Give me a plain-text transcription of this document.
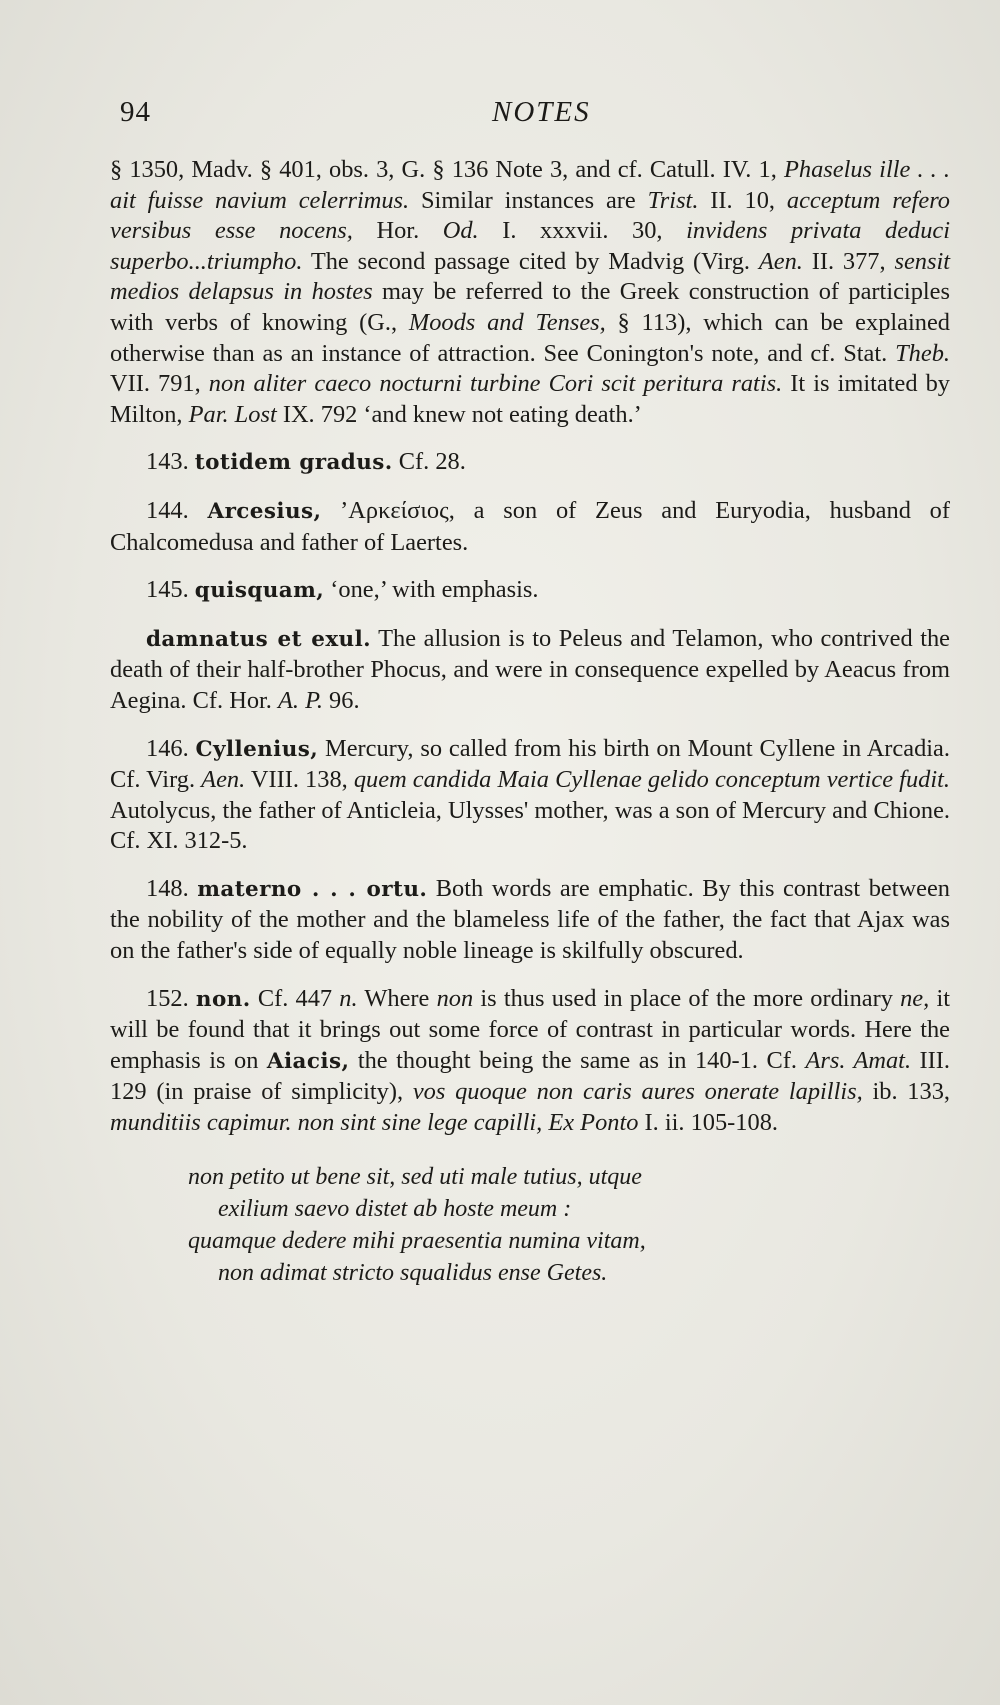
94	NOTES

§ 1350, Madv. § 401, obs. 3, G. § 136 Note 3, and cf. Catull. IV. 1, Phaselus ille . . . ait fuisse navium celerrimus. Similar instances are Trist. II. 10, acceptum refero versibus esse nocens, Hor. Od. I. xxxvii. 30, invidens privata deduci superbo...triumpho. The second passage cited by Madvig (Virg. Aen. II. 377, sensit medios delapsus in hostes may be referred to the Greek construction of participles with verbs of knowing (G., Moods and Tenses, § 113), which can be explained otherwise than as an instance of attraction. See Conington's note, and cf. Stat. Theb. VII. 791, non aliter caeco nocturni turbine Cori scit peritura ratis. It is imitated by Milton, Par. Lost IX. 792 ‘and knew not eating death.’

143. totidem gradus. Cf. 28.

144. Arcesius, ’Αρκείσιος, a son of Zeus and Euryodia, husband of Chalcomedusa and father of Laertes.

145. quisquam, ‘one,’ with emphasis.

damnatus et exul. The allusion is to Peleus and Telamon, who contrived the death of their half-brother Phocus, and were in consequence expelled by Aeacus from Aegina. Cf. Hor. A. P. 96.

146. Cyllenius, Mercury, so called from his birth on Mount Cyllene in Arcadia. Cf. Virg. Aen. VIII. 138, quem candida Maia Cyllenae gelido conceptum vertice fudit. Autolycus, the father of Anticleia, Ulysses' mother, was a son of Mercury and Chione. Cf. XI. 312-5.

148. materno . . . ortu. Both words are emphatic. By this contrast between the nobility of the mother and the blameless life of the father, the fact that Ajax was on the father's side of equally noble lineage is skilfully obscured.

152. non. Cf. 447 n. Where non is thus used in place of the more ordinary ne, it will be found that it brings out some force of contrast in particular words. Here the emphasis is on Aiacis, the thought being the same as in 140-1. Cf. Ars. Amat. III. 129 (in praise of simplicity), vos quoque non caris aures onerate lapillis, ib. 133, munditiis capimur. non sint sine lege capilli, Ex Ponto I. ii. 105-108.

non petito ut bene sit, sed uti male tutius, utque
exilium saevo distet ab hoste meum :
quamque dedere mihi praesentia numina vitam,
non adimat stricto squalidus ense Getes.
